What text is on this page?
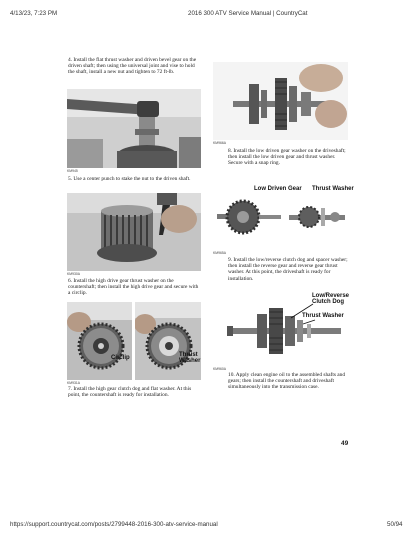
4/13/23, 7:23 PM	2016 300 ATV Service Manual | CountryCat
4. Install the flat thrust washer and driven bevel gear on the driven shaft; then using the universal joint and vise to hold the shaft, install a new nut and tighten to 72 ft-lb.
KM945
5. Use a center punch to stake the nut to the driven shaft.
KM930A
6. Install the high drive gear thrust washer on the countershaft; then install the high drive gear and secure with a circlip.
Circlip	Thrust Washer
KM931A
7. Install the high gear clutch dog and flat washer. At this point, the countershaft is ready for installation.
KM966A
8. Install the low driven gear washer on the driveshaft; then install the low driven gear and thrust washer. Secure with a snap ring.
Low Driven Gear Thrust Washer
KM965A
9. Install the low/reverse clutch dog and spacer washer; then install the reverse gear and reverse gear thrust washer. At this point, the driveshaft is ready for installation.
Low/Reverse Clutch Dog
Thrust Washer
KM960A
10. Apply clean engine oil to the assembled shafts and gears; then install the countershaft and driveshaft simultaneously into the transmission case.
49
https://support.countrycat.com/posts/2799448-2016-300-atv-service-manual	50/94
